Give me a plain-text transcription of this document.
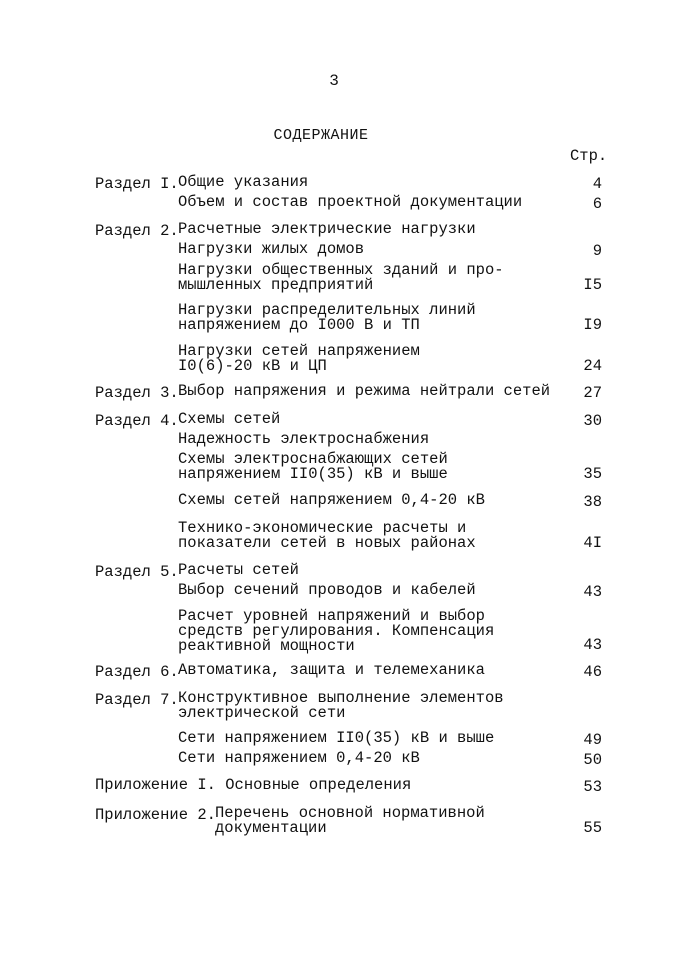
3
СОДЕРЖАНИЕ
Стр.
Раздел I. Общие указания	4
Объем и состав проектной документации	6
Раздел 2. Расчетные электрические нагрузки
Нагрузки жилых домов	9
Нагрузки общественных зданий и про-
мышленных предприятий	I5
Нагрузки распределительных линий
напряжением до I000 В и ТП	I9
Нагрузки сетей напряжением
I0(6)-20 кВ и ЦП	24
Раздел 3. Выбор напряжения и режима нейтрали сетей 27
Раздел 4. Схемы сетей	30
Надежность электроснабжения
Схемы электроснабжающих сетей
напряжением II0(35) кВ и выше	35
Схемы сетей напряжением 0,4-20 кВ	38
Технико-экономические расчеты и
показатели сетей в новых районах	4I
Раздел 5. Расчеты сетей
Выбор сечений проводов и кабелей	43
Расчет уровней напряжений и выбор
средств регулирования. Компенсация
реактивной мощности	43
Раздел 6. Автоматика, защита и телемеханика	46
Раздел 7. Конструктивное выполнение элементов
электрической сети
Сети напряжением II0(35) кВ и выше	49
Сети напряжением 0,4-20 кВ	50
Приложение I. Основные определения	53
Приложение 2. Перечень основной нормативной
документации	55
